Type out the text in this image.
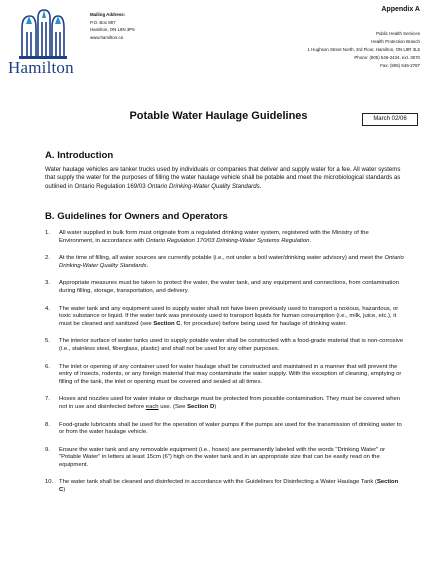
Appendix A
Hamilton
Mailing Address:
P.O. Box 897
Hamilton, ON L8N 3P6
www.hamilton.ca
Public Health Services
Health Protection Branch
1 Hughson Street North, 3rd Floor, Hamilton, ON L8R 3L5
Phone: (905) 546-2424, ext. 3570
Fax: (905) 546-2787
March 02/06
Potable Water Haulage Guidelines
A. Introduction
Water haulage vehicles are tanker trucks used by individuals or companies that deliver and supply water for a fee. All water systems that supply the water for the purposes of filling the water haulage vehicle shall be potable and meet the microbiological standards as outlined in Ontario Regulation 169/03 Ontario Drinking-Water Quality Standards.
B. Guidelines for Owners and Operators
1. All water supplied in bulk form must originate from a regulated drinking water system, registered with the Ministry of the Environment, in accordance with Ontario Regulation 170/03 Drinking-Water Systems Regulation.
2. At the time of filling, all water sources are currently potable (i.e., not under a boil water/drinking water advisory) and meet the Ontario Drinking-Water Quality Standards.
3. Appropriate measures must be taken to protect the water, the water tank, and any equipment and connections, from contamination during filling, storage, transportation, and delivery.
4. The water tank and any equipment used to supply water shall not have been previously used to transport a noxious, hazardous, or toxic substance or liquid. If the water tank was previously used to transport liquids for human consumption (i.e., milk, juice, etc.), it must be cleaned and sanitized (see Section C. for procedure) before being used for haulage of drinking water.
5. The interior surface of water tanks used to supply potable water shall be constructed with a food-grade material that is non-corrosive (i.e., stainless steel, fiberglass, plastic) and shall not be used for any other purposes.
6. The inlet or opening of any container used for water haulage shall be constructed and maintained in a manner that will prevent the entry of insects, rodents, or any foreign material that may contaminate the water supply. With the exception of cleaning, emptying or filling of the tank, the inlet or opening must be covered and sealed at all times.
7. Hoses and nozzles used for water intake or discharge must be protected from possible contamination. They must be covered when not in use and disinfected before each use. (See Section D)
8. Food-grade lubricants shall be used for the operation of water pumps if the pumps are used for the transmission of drinking water to or from the water haulage vehicle.
9. Ensure the water tank and any removable equipment (i.e., hoses) are permanently labeled with the words "Drinking Water" or "Potable Water" in letters at least 15cm (6") high on the water tank and in an appropriate size that can be easily read on the equipment.
10. The water tank shall be cleaned and disinfected in accordance with the Guidelines for Disinfecting a Water Haulage Tank (Section C)
